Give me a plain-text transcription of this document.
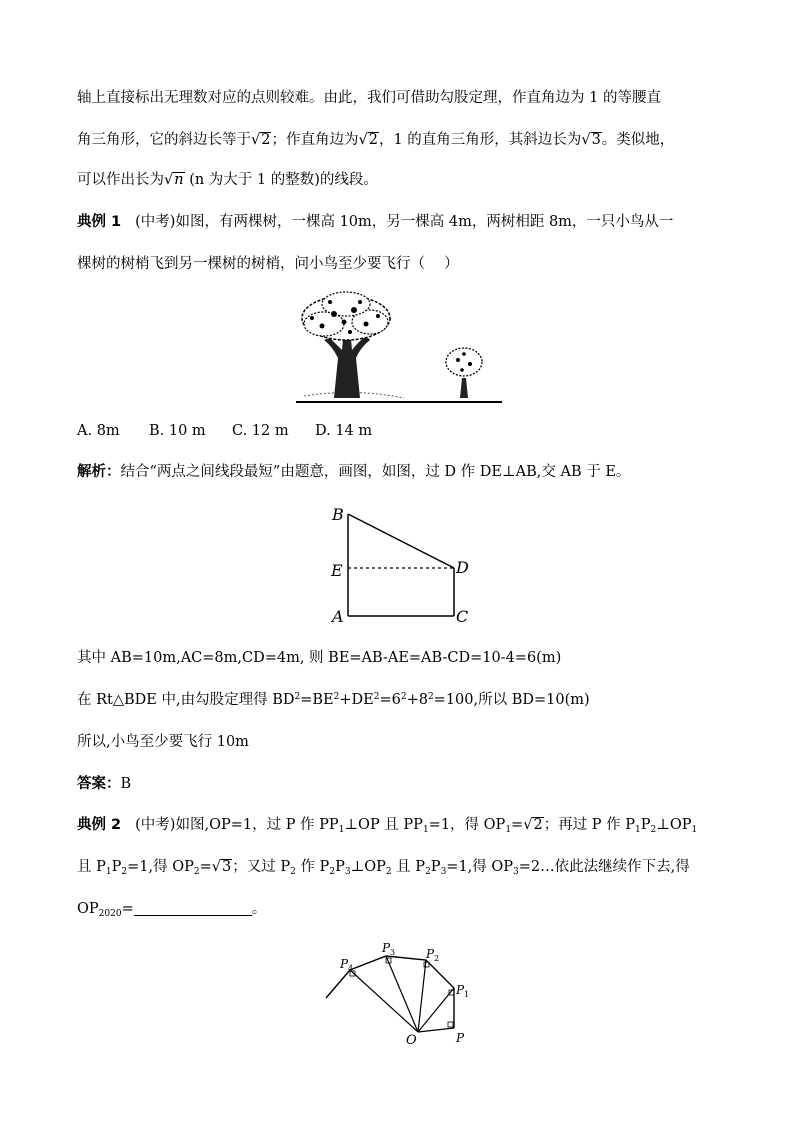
轴上直接标出无理数对应的点则较难。由此，我们可借助勾股定理，作直角边为 1 的等腰直
角三角形，它的斜边长等于√2；作直角边为√2，1 的直角三角形，其斜边长为√3。类似地，
可以作出长为√n (n 为大于 1 的整数)的线段。
典例 1 (中考)如图，有两棵树，一棵高 10m，另一棵高 4m，两树相距 8m，一只小鸟从一
棵树的树梢飞到另一棵树的树梢，问小鸟至少要飞行（　 ）
A. 8m B. 10 m C. 12 m D. 14 m
解析：结合“两点之间线段最短”由题意，画图，如图，过 D 作 DE⊥AB,交 AB 于 E。
B
E
A
D
C
其中 AB=10m,AC=8m,CD=4m, 则 BE=AB-AE=AB-CD=10-4=6(m)
在 Rt△BDE 中,由勾股定理得 $BD^2=BE^2+DE^2=6^2+8^2=100$,所以 BD=10(m)
所以,小鸟至少要飞行 10m
答案：B
典例 2 (中考)如图,OP=1，过 P 作 $PP_1\perp OP$ 且 $PP_1=1$，得 $OP_1=√2$；再过 P 作 $P_1P_2\perp OP_1$
且 $P_1P_2=1$,得 $OP_2=√3$；又过 $P_2$ 作 $P_2P_3\perp OP_2$ 且 $P_2P_3=1$,得 $OP_3=2\dots$依此法继续作下去,得
$OP_{2020}=$	。
P 4
P 3	P 2
P 1
O	P
